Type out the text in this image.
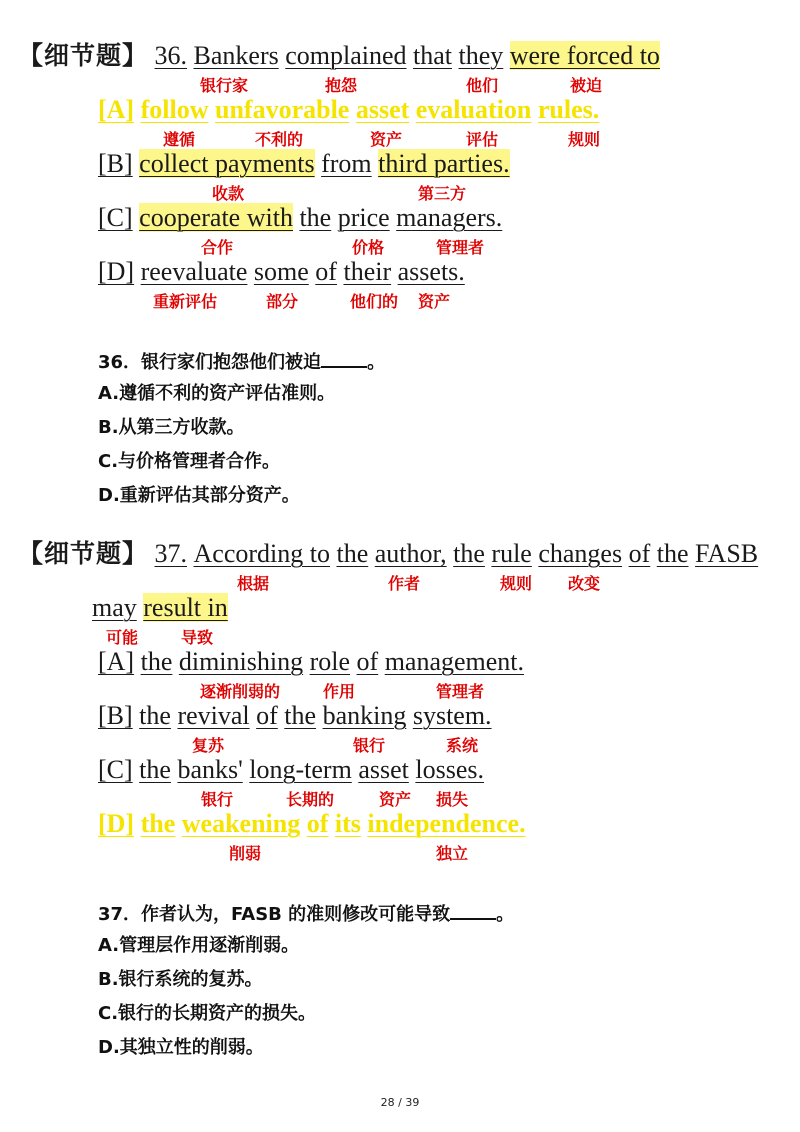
【细节题】 36. Bankers complained that they were forced to
银行家	抱怨	他们	被迫
[A] follow unfavorable asset evaluation rules.
遵循	不利的	资产	评估	规则
[B] collect payments from third parties.
收款	第三方
[C] cooperate with the price managers.
合作	价格	管理者
[D] reevaluate some of their assets.
重新评估	部分	他们的 资产
36．银行家们抱怨他们被迫	。
A.遵循不利的资产评估准则。
B.从第三方收款。
C.与价格管理者合作。
D.重新评估其部分资产。
【细节题】 37. According to the author, the rule changes of the FASB
根据	作者	规则 改变
may result in
可能	导致
[A] the diminishing role of management.
逐渐削弱的	作用	管理者
[B] the revival of the banking system.
复苏	银行	系统
[C] the banks' long-term asset losses.
银行	长期的	资产 损失
[D] the weakening of its independence.
削弱	独立
37．作者认为，FASB 的准则修改可能导致	。
A.管理层作用逐渐削弱。
B.银行系统的复苏。
C.银行的长期资产的损失。
D.其独立性的削弱。
28 / 39
